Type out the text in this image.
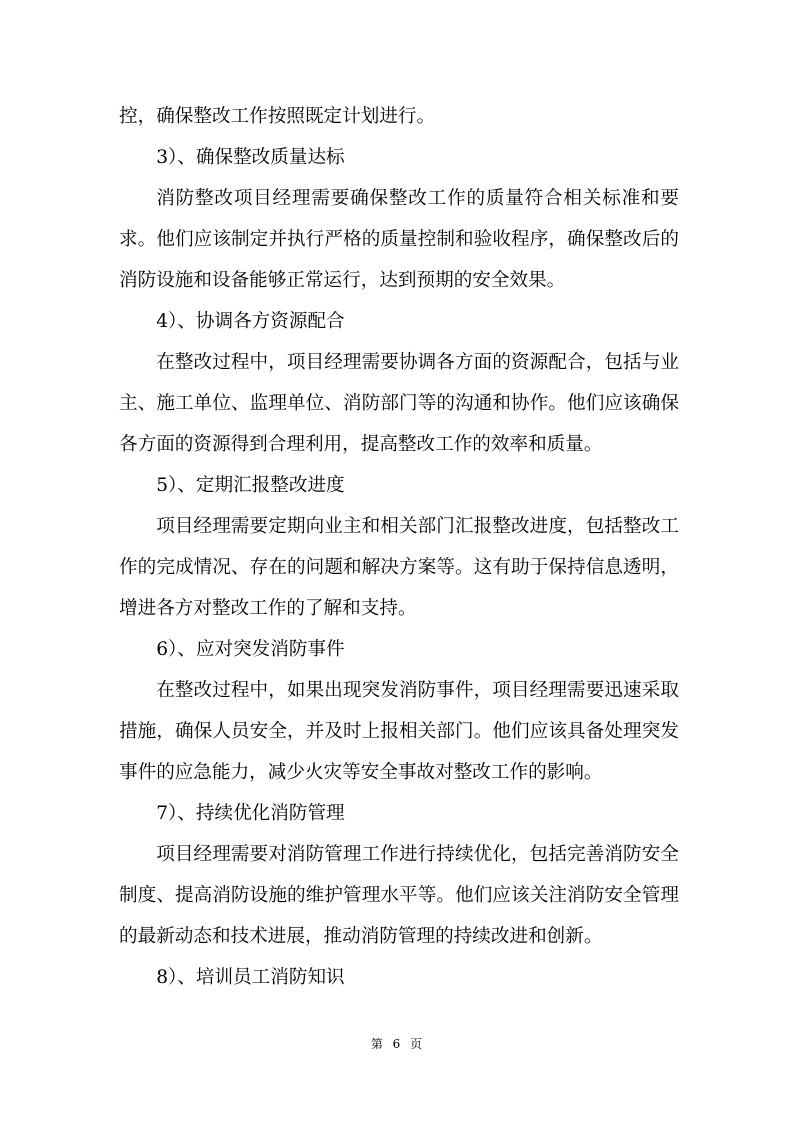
控，确保整改工作按照既定计划进行。

3）、确保整改质量达标

消防整改项目经理需要确保整改工作的质量符合相关标准和要求。他们应该制定并执行严格的质量控制和验收程序，确保整改后的消防设施和设备能够正常运行，达到预期的安全效果。

4）、协调各方资源配合

在整改过程中，项目经理需要协调各方面的资源配合，包括与业主、施工单位、监理单位、消防部门等的沟通和协作。他们应该确保各方面的资源得到合理利用，提高整改工作的效率和质量。

5）、定期汇报整改进度

项目经理需要定期向业主和相关部门汇报整改进度，包括整改工作的完成情况、存在的问题和解决方案等。这有助于保持信息透明，增进各方对整改工作的了解和支持。

6）、应对突发消防事件

在整改过程中，如果出现突发消防事件，项目经理需要迅速采取措施，确保人员安全，并及时上报相关部门。他们应该具备处理突发事件的应急能力，减少火灾等安全事故对整改工作的影响。

7）、持续优化消防管理

项目经理需要对消防管理工作进行持续优化，包括完善消防安全制度、提高消防设施的维护管理水平等。他们应该关注消防安全管理的最新动态和技术进展，推动消防管理的持续改进和创新。

8）、培训员工消防知识

第 6 页
